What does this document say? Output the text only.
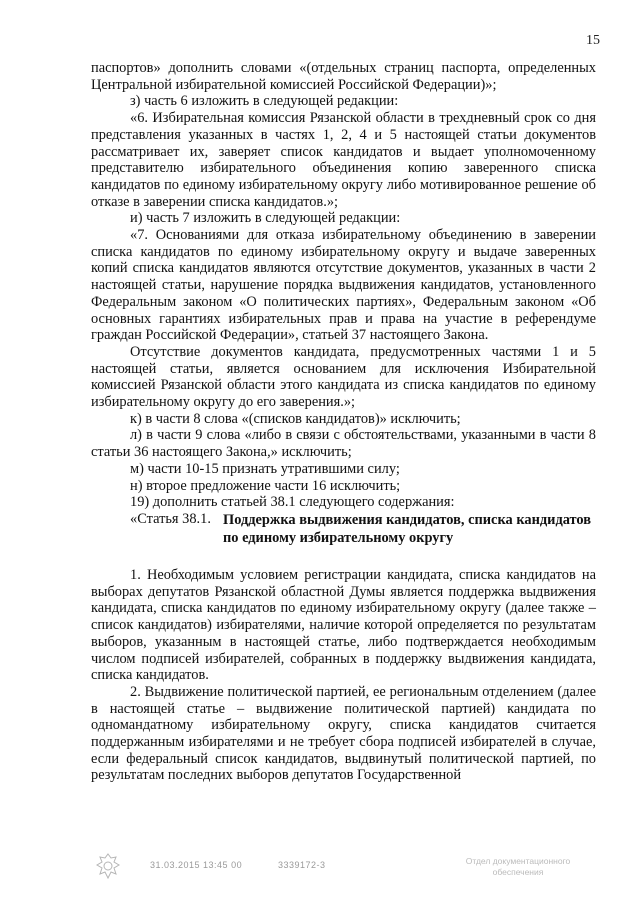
15

паспортов» дополнить словами «(отдельных страниц паспорта, определенных Центральной избирательной комиссией Российской Федерации)»;

з) часть 6 изложить в следующей редакции:

«6. Избирательная комиссия Рязанской области в трехдневный срок со дня представления указанных в частях 1, 2, 4 и 5 настоящей статьи документов рассматривает их, заверяет список кандидатов и выдает уполномоченному представителю избирательного объединения копию заверенного списка кандидатов по единому избирательному округу либо мотивированное решение об отказе в заверении списка кандидатов.»;

и) часть 7 изложить в следующей редакции:

«7. Основаниями для отказа избирательному объединению в заверении списка кандидатов по единому избирательному округу и выдаче заверенных копий списка кандидатов являются отсутствие документов, указанных в части 2 настоящей статьи, нарушение порядка выдвижения кандидатов, установленного Федеральным законом «О политических партиях», Федеральным законом «Об основных гарантиях избирательных прав и права на участие в референдуме граждан Российской Федерации», статьей 37 настоящего Закона.

Отсутствие документов кандидата, предусмотренных частями 1 и 5 настоящей статьи, является основанием для исключения Избирательной комиссией Рязанской области этого кандидата из списка кандидатов по единому избирательному округу до его заверения.»;

к) в части 8 слова «(списков кандидатов)» исключить;

л) в части 9 слова «либо в связи с обстоятельствами, указанными в части 8 статьи 36 настоящего Закона,» исключить;

м) части 10-15 признать утратившими силу;

н) второе предложение части 16 исключить;

19) дополнить статьей 38.1 следующего содержания:

«Статья 38.1. Поддержка выдвижения кандидатов, списка кандидатов по единому избирательному округу

1. Необходимым условием регистрации кандидата, списка кандидатов на выборах депутатов Рязанской областной Думы является поддержка выдвижения кандидата, списка кандидатов по единому избирательному округу (далее также – список кандидатов) избирателями, наличие которой определяется по результатам выборов, указанным в настоящей статье, либо подтверждается необходимым числом подписей избирателей, собранных в поддержку выдвижения кандидата, списка кандидатов.

2. Выдвижение политической партией, ее региональным отделением (далее в настоящей статье – выдвижение политической партией) кандидата по одномандатному избирательному округу, списка кандидатов считается поддержанным избирателями и не требует сбора подписей избирателей в случае, если федеральный список кандидатов, выдвинутый политической партией, по результатам последних выборов депутатов Государственной

31.03.2015 13:45 00	3339172-3	Отдел документационного обеспечения
